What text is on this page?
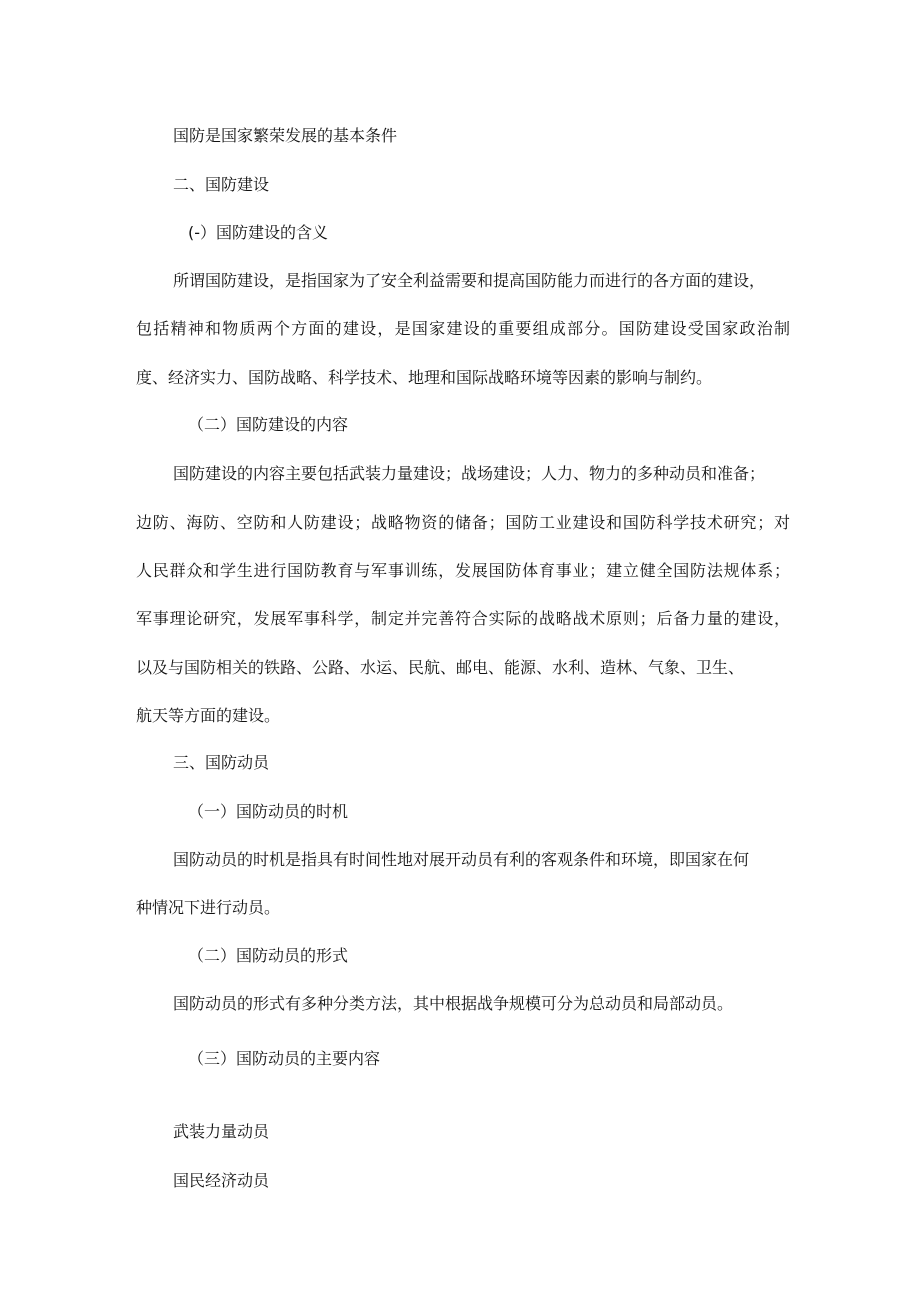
国防是国家繁荣发展的基本条件

二、国防建设

(-）国防建设的含义

所谓国防建设，是指国家为了安全利益需要和提高国防能力而进行的各方面的建设，

包括精神和物质两个方面的建设，是国家建设的重要组成部分。国防建设受国家政治制

度、经济实力、国防战略、科学技术、地理和国际战略环境等因素的影响与制约。

（二）国防建设的内容

国防建设的内容主要包括武装力量建设；战场建设；人力、物力的多种动员和准备；

边防、海防、空防和人防建设；战略物资的储备；国防工业建设和国防科学技术研究；对

人民群众和学生进行国防教育与军事训练，发展国防体育事业；建立健全国防法规体系；

军事理论研究，发展军事科学，制定并完善符合实际的战略战术原则；后备力量的建设，

以及与国防相关的铁路、公路、水运、民航、邮电、能源、水利、造林、气象、卫生、

航天等方面的建设。

三、国防动员

（一）国防动员的时机

国防动员的时机是指具有时间性地对展开动员有利的客观条件和环境，即国家在何

种情况下进行动员。

（二）国防动员的形式

国防动员的形式有多种分类方法，其中根据战争规模可分为总动员和局部动员。

（三）国防动员的主要内容

武装力量动员

国民经济动员
